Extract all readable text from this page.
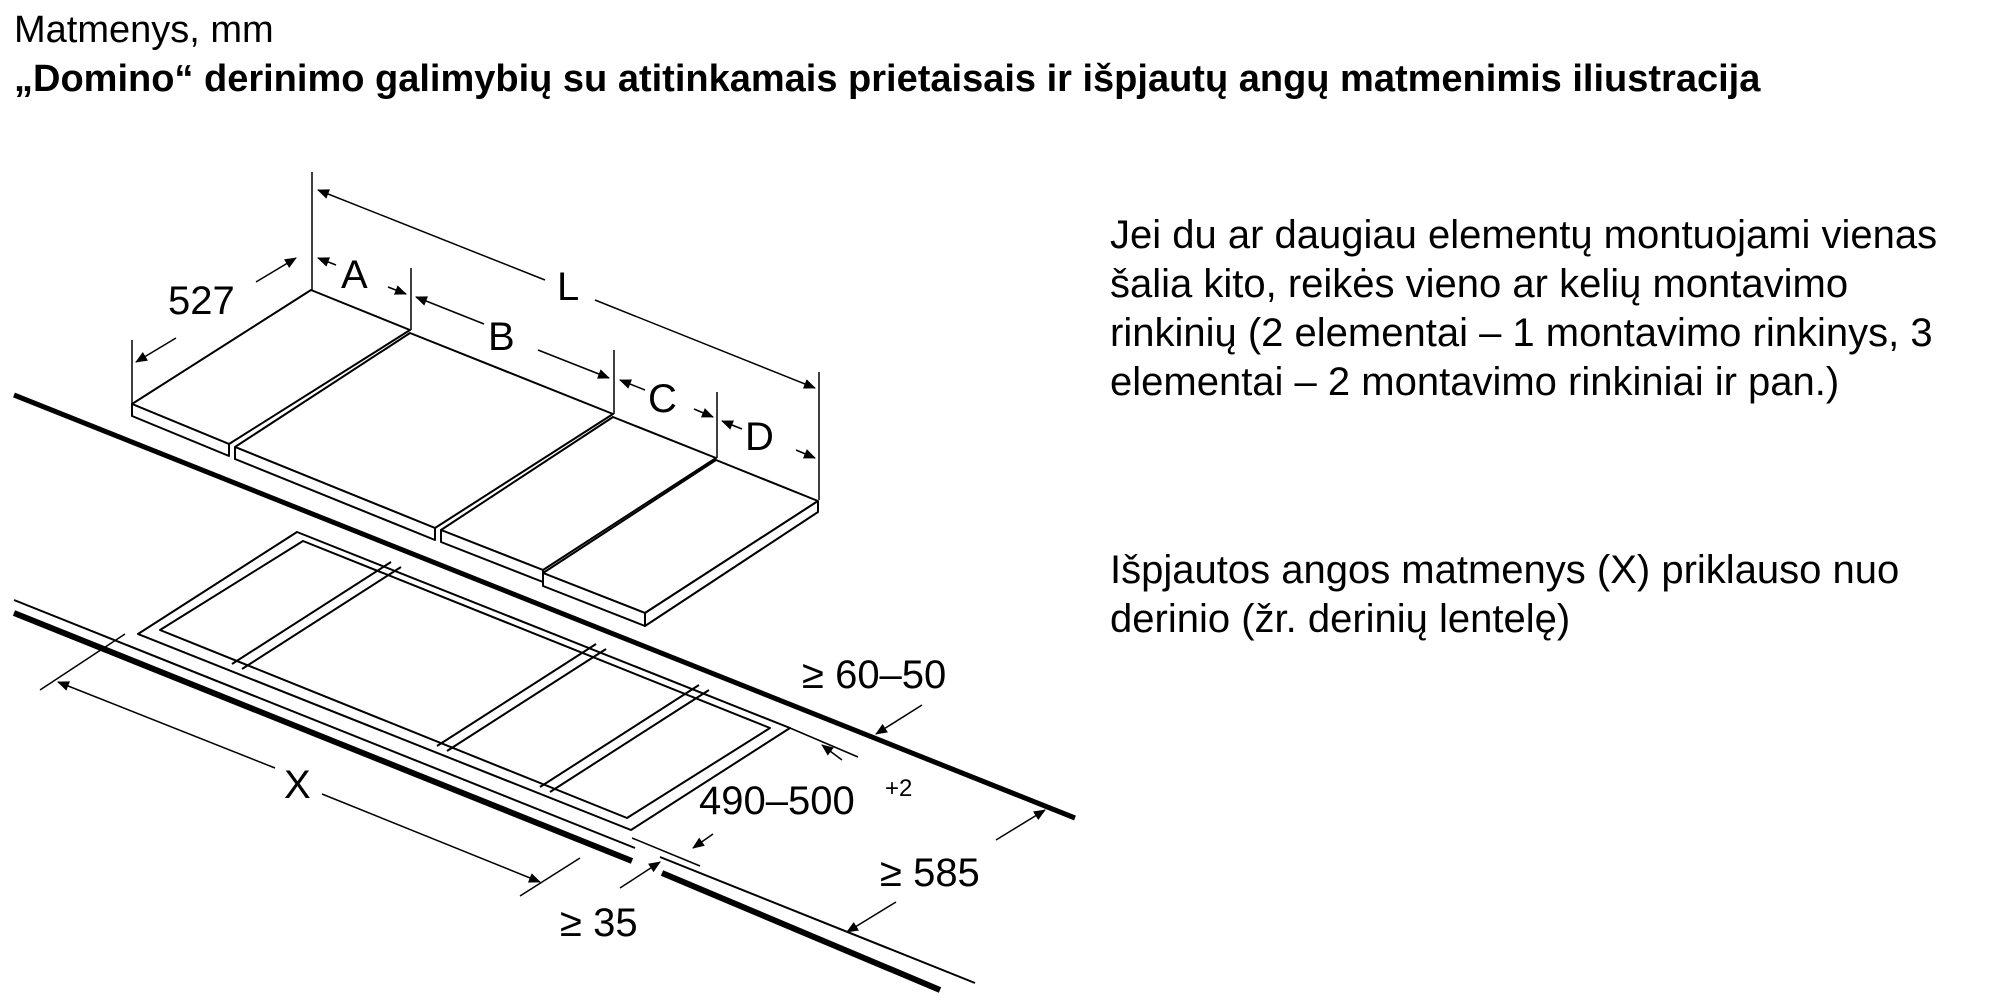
Matmenys, mm
„Domino“ derinimo galimybių su atitinkamais prietaisais ir išpjautų angų matmenimis iliustracija
527
A
B
C
D
L
X
≥ 60–50
490–500 +2
≥ 585
≥ 35
Jei du ar daugiau elementų montuojami vienas šalia kito, reikės vieno ar kelių montavimo rinkinių (2 elementai – 1 montavimo rinkinys, 3 elementai – 2 montavimo rinkiniai ir pan.)
Išpjautos angos matmenys (X) priklauso nuo derinio (žr. derinių lentelę)
